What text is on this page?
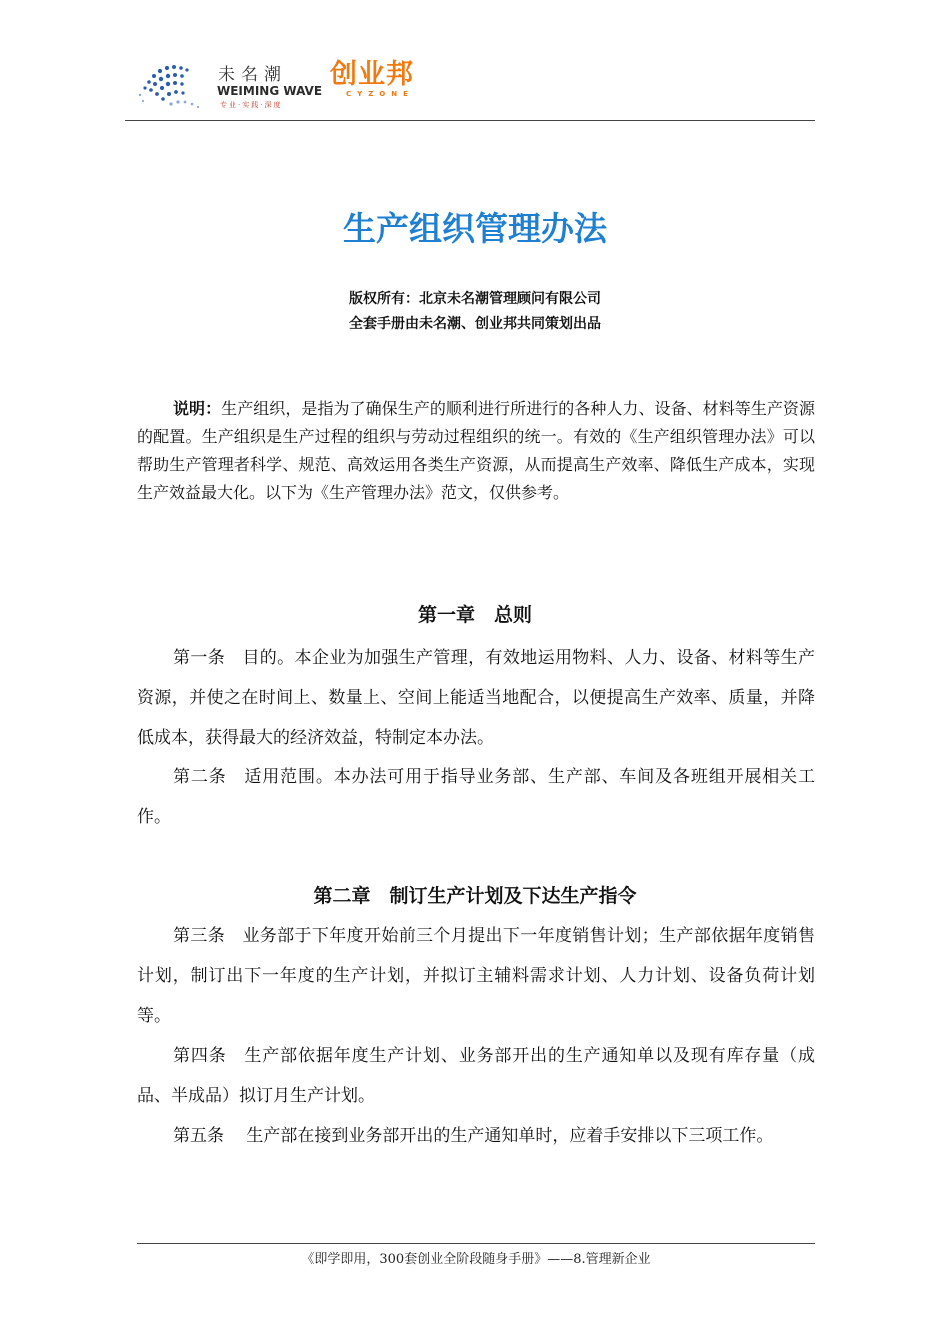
未名潮
WEIMING WAVE
专业·实践·深度
创业邦
CYZONE
生产组织管理办法
版权所有：北京未名潮管理顾问有限公司
全套手册由未名潮、创业邦共同策划出品
说明：生产组织，是指为了确保生产的顺利进行所进行的各种人力、设备、材料等生产资源的配置。生产组织是生产过程的组织与劳动过程组织的统一。有效的《生产组织管理办法》可以帮助生产管理者科学、规范、高效运用各类生产资源，从而提高生产效率、降低生产成本，实现生产效益最大化。以下为《生产管理办法》范文，仅供参考。
第一章　总则
第一条　目的。本企业为加强生产管理，有效地运用物料、人力、设备、材料等生产资源，并使之在时间上、数量上、空间上能适当地配合，以便提高生产效率、质量，并降低成本，获得最大的经济效益，特制定本办法。
第二条　适用范围。本办法可用于指导业务部、生产部、车间及各班组开展相关工作。
第二章　制订生产计划及下达生产指令
第三条　业务部于下年度开始前三个月提出下一年度销售计划；生产部依据年度销售计划，制订出下一年度的生产计划，并拟订主辅料需求计划、人力计划、设备负荷计划等。
第四条　生产部依据年度生产计划、业务部开出的生产通知单以及现有库存量（成品、半成品）拟订月生产计划。
第五条　 生产部在接到业务部开出的生产通知单时，应着手安排以下三项工作。
《即学即用，300套创业全阶段随身手册》——8.管理新企业
